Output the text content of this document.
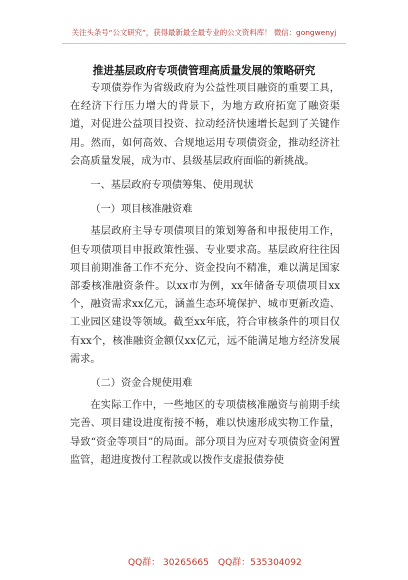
关注头条号“公文研究”，获得最新最全最专业的公文资料库！ 微信：gongwenyj
推进基层政府专项债管理高质量发展的策略研究

专项债券作为省级政府为公益性项目融资的重要工具，在经济下行压力增大的背景下，为地方政府拓宽了融资渠道，对促进公益项目投资、拉动经济快速增长起到了关键作用。然而，如何高效、合规地运用专项债资金，推动经济社会高质量发展，成为市、县级基层政府面临的新挑战。

一、基层政府专项债筹集、使用现状

（一）项目核准融资难

基层政府主导专项债项目的策划筹备和申报使用工作，但专项债项目申报政策性强、专业要求高。基层政府往往因项目前期准备工作不充分、资金投向不精准，难以满足国家部委核准融资条件。以xx市为例，xx年储备专项债项目xx个，融资需求xx亿元，涵盖生态环境保护、城市更新改造、工业园区建设等领域。截至xx年底，符合审核条件的项目仅有xx个，核准融资金额仅xx亿元，远不能满足地方经济发展需求。

（二）资金合规使用难

在实际工作中，一些地区的专项债核准融资与前期手续完善、项目建设进度衔接不畅，难以快速形成实物工作量，导致“资金等项目”的局面。部分项目为应对专项债资金闲置监管，超进度拨付工程款或以拨作支虚报债券使

QQ群： 30265665 QQ群：535304092
